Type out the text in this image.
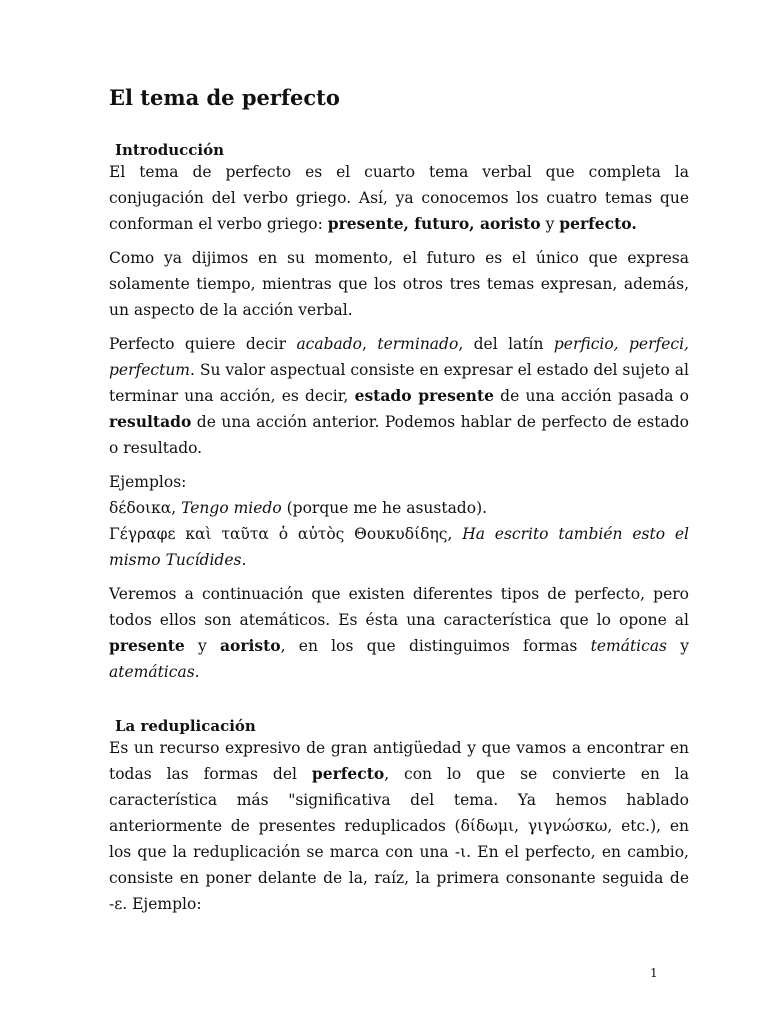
El tema de perfecto
Introducción

El tema de perfecto es el cuarto tema verbal que completa la conjugación del verbo griego. Así, ya conocemos los cuatro temas que conforman el verbo griego: presente, futuro, aoristo y perfecto.

Como ya dijimos en su momento, el futuro es el único que expresa solamente tiempo, mientras que los otros tres temas expresan, además, un aspecto de la acción verbal.

Perfecto quiere decir acabado, terminado, del latín perficio, perfeci, perfectum. Su valor aspectual consiste en expresar el estado del sujeto al terminar una acción, es decir, estado presente de una acción pasada o resultado de una acción anterior. Podemos hablar de perfecto de estado o resultado.

Ejemplos:

δέδοικα, Tengo miedo (porque me he asustado).

Γέγραφε καὶ ταῦτα ὁ αὐτὸς Θουκυδίδης, Ha escrito también esto el mismo Tucídides.

Veremos a continuación que existen diferentes tipos de perfecto, pero todos ellos son atemáticos. Es ésta una característica que lo opone al presente y aoristo, en los que distinguimos formas temáticas y atemáticas.

La reduplicación

Es un recurso expresivo de gran antigüedad y que vamos a encontrar en todas las formas del perfecto, con lo que se convierte en la característica más "significativa del tema. Ya hemos hablado anteriormente de presentes reduplicados (δίδωμι, γιγνώσκω, etc.), en los que la reduplicación se marca con una -ι. En el perfecto, en cambio, consiste en poner delante de la, raíz, la primera consonante seguida de -ε. Ejemplo:

1
